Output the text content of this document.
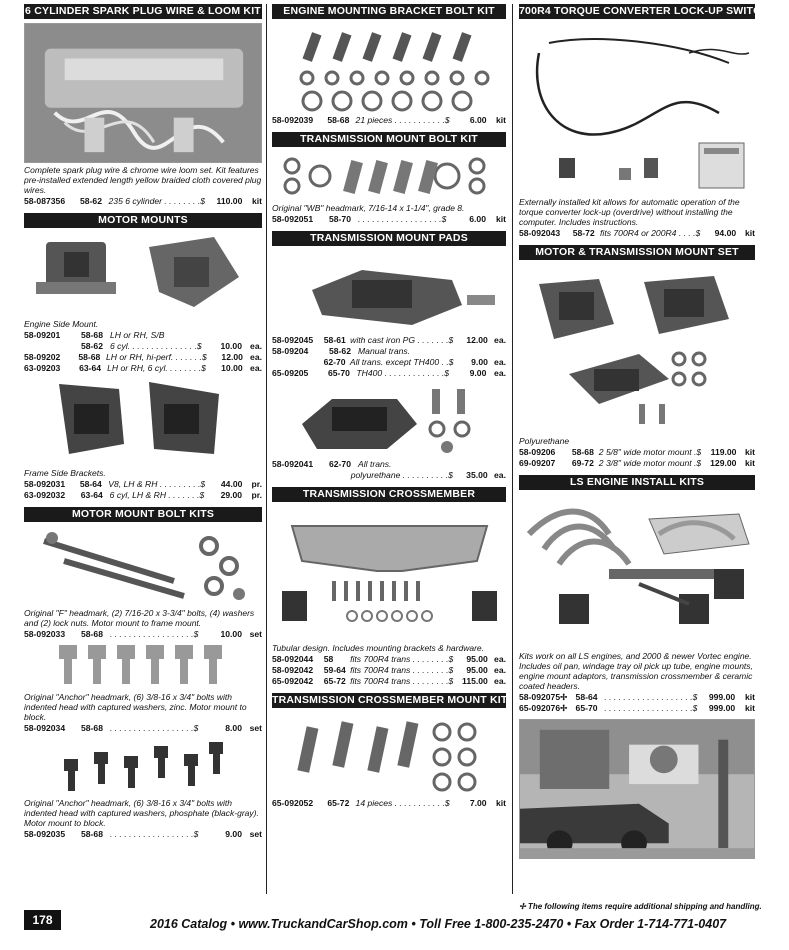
6 CYLINDER SPARK PLUG WIRE & LOOM KIT
Complete spark plug wire & chrome wire loom set. Kit features pre-installed extended length yellow braided cloth covered plug wires.
58-087356	58-62 235 6 cylinder . . . . . . . .$	110.00	kit
MOTOR MOUNTS
Engine Side Mount.
58-09201	58-68 LH or RH, S/B
58-62 6 cyl. . . . . . . . . . . . . . .$	10.00 ea.
58-09202	58-68 LH or RH, hi-perf. . . . . . .$	12.00 ea.
63-09203	63-64 LH or RH, 6 cyl. . . . . . . .$	10.00 ea.
Frame Side Brackets.
58-092031	58-64 V8, LH & RH . . . . . . . . .$	44.00	pr.
63-092032	63-64 6 cyl, LH & RH . . . . . . .$	29.00	pr.
MOTOR MOUNT BOLT KITS
Original "F" headmark, (2) 7/16-20 x 3-3/4" bolts, (4) washers and (2) lock nuts. Motor mount to frame mount.
58-092033	58-68 . . . . . . . . . . . . . . . . . .$	10.00 set
Original "Anchor" headmark, (6) 3/8-16 x 3/4" bolts with indented head with captured washers, zinc. Motor mount to block.
58-092034	58-68 . . . . . . . . . . . . . . . . . .$	8.00 set
Original "Anchor" headmark, (6) 3/8-16 x 3/4" bolts with indented head with captured washers, phosphate (black-gray). Motor mount to block.
58-092035	58-68 . . . . . . . . . . . . . . . . . .$	9.00 set
ENGINE MOUNTING BRACKET BOLT KIT
58-092039	58-68 21 pieces . . . . . . . . . . .$	6.00	kit
TRANSMISSION MOUNT BOLT KIT
Original "WB" headmark, 7/16-14 x 1-1/4", grade 8.
58-092051	58-70 . . . . . . . . . . . . . . . . . .$	6.00	kit
TRANSMISSION MOUNT PADS
58-092045	58-61 with cast iron PG . . . . . . .$	12.00 ea.
58-09204	58-62 Manual trans.
62-70 All trans. except TH400 . .$	9.00 ea.
65-09205	65-70 TH400 . . . . . . . . . . . . .$	9.00 ea.
58-092041	62-70 All trans.
polyurethane . . . . . . . . . .$	35.00 ea.
TRANSMISSION CROSSMEMBER
Tubular design. Includes mounting brackets & hardware.
58-092044	58	fits 700R4 trans . . . . . . . .$	95.00 ea.
58-092042	59-64 fits 700R4 trans . . . . . . . .$	95.00 ea.
65-092042	65-72 fits 700R4 trans . . . . . . . .$	115.00 ea.
TRANSMISSION CROSSMEMBER MOUNT KIT
65-092052	65-72 14 pieces . . . . . . . . . . .$	7.00	kit
700R4 TORQUE CONVERTER LOCK-UP SWITCH KIT
Externally installed kit allows for automatic operation of the torque converter lock-up (overdrive) without installing the computer. Includes instructions.
58-092043	58-72 fits 700R4 or 200R4 . . . .$	94.00	kit
MOTOR & TRANSMISSION MOUNT SET
Polyurethane
58-09206	58-68 2 5/8" wide motor mount .$	119.00 kit
69-09207	69-72 2 3/8" wide motor mount .$	129.00 kit
LS ENGINE INSTALL KITS
Kits work on all LS engines, and 2000 & newer Vortec engine. Includes oil pan, windage tray oil pick up tube, engine mounts, engine mount adaptors, transmission crossmember & ceramic coated headers.
58-092075✢ 58-64 . . . . . . . . . . . . . . . . . . .$	999.00	kit
65-092076✢ 65-70 . . . . . . . . . . . . . . . . . . .$	999.00	kit
✢ The following items require additional shipping and handling.
178	2016 Catalog • www.TruckandCarShop.com • Toll Free 1-800-235-2470 • Fax Order 1-714-771-0407
